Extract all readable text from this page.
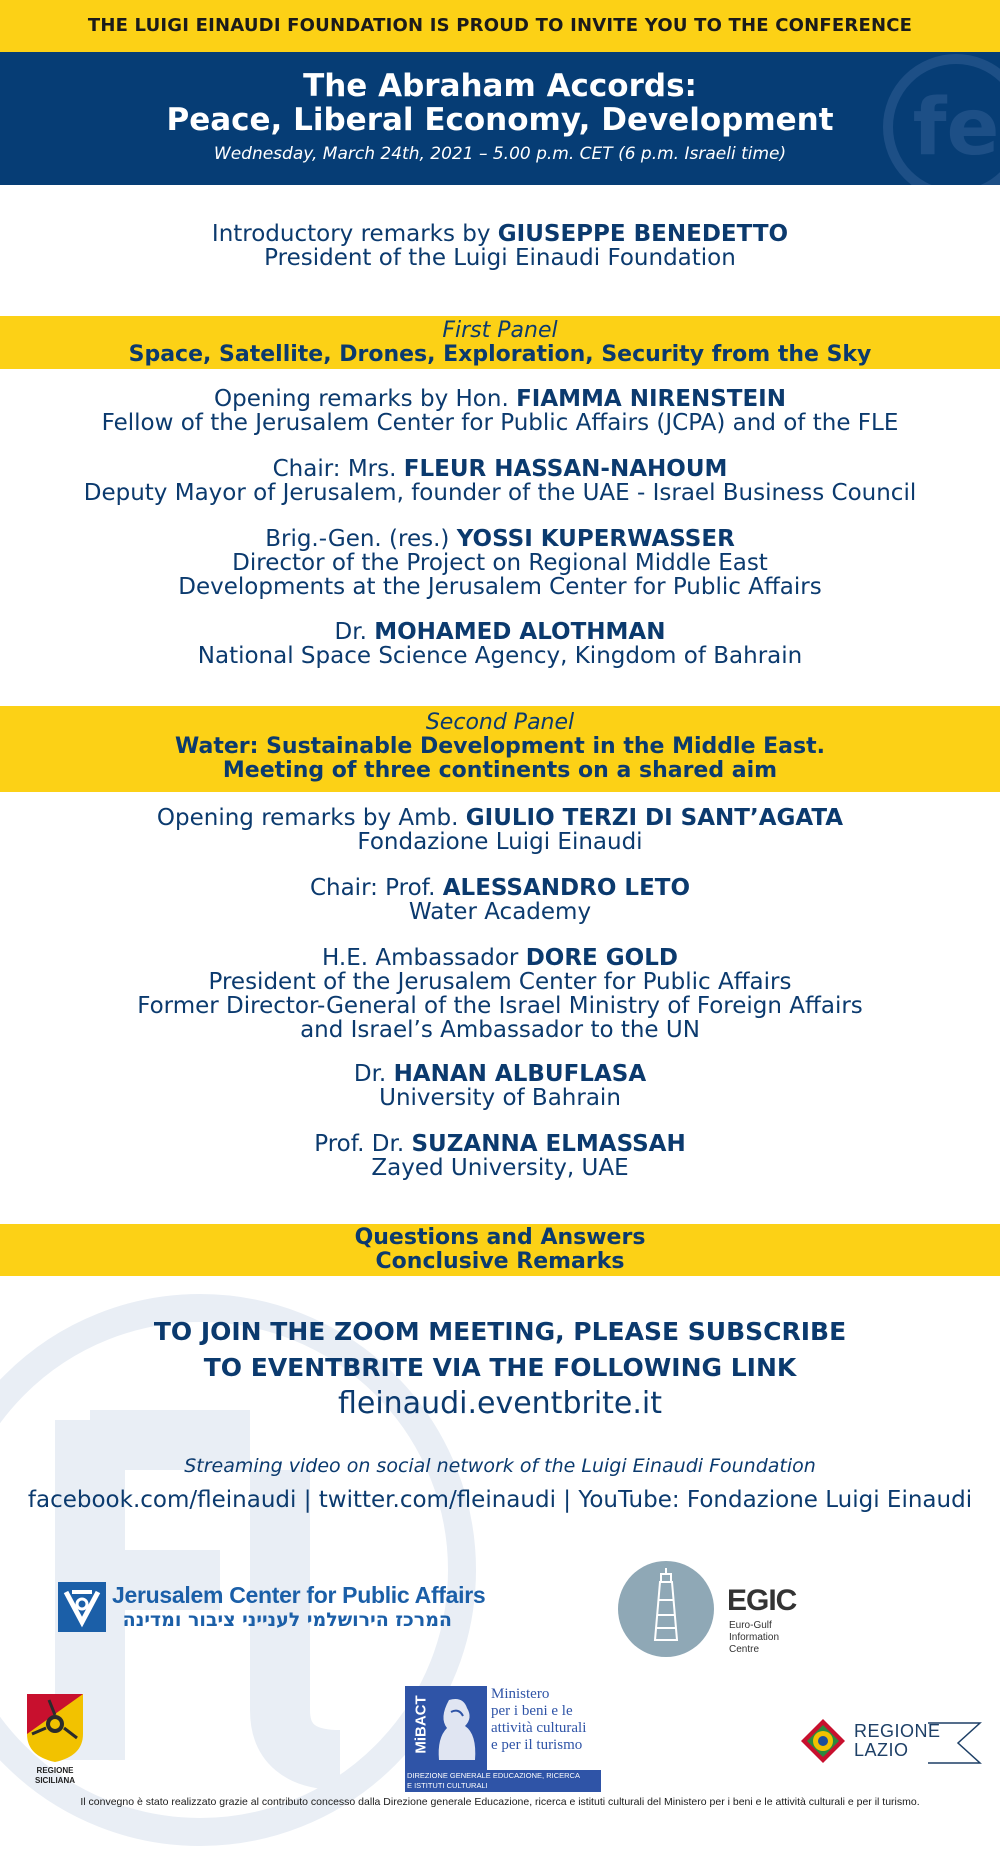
THE LUIGI EINAUDI FOUNDATION IS PROUD TO INVITE YOU TO THE CONFERENCE
fe
The Abraham Accords:
Peace, Liberal Economy, Development
Wednesday, March 24th, 2021 – 5.00 p.m. CET (6 p.m. Israeli time)
Introductory remarks by GIUSEPPE BENEDETTO
President of the Luigi Einaudi Foundation
First Panel
Space, Satellite, Drones, Exploration, Security from the Sky
Opening remarks by Hon. FIAMMA NIRENSTEIN
Fellow of the Jerusalem Center for Public Affairs (JCPA) and of the FLE
Chair: Mrs. FLEUR HASSAN-NAHOUM
Deputy Mayor of Jerusalem, founder of the UAE - Israel Business Council
Brig.-Gen. (res.) YOSSI KUPERWASSER
Director of the Project on Regional Middle East
Developments at the Jerusalem Center for Public Affairs
Dr. MOHAMED ALOTHMAN
National Space Science Agency, Kingdom of Bahrain
Second Panel
Water: Sustainable Development in the Middle East.
Meeting of three continents on a shared aim
Opening remarks by Amb. GIULIO TERZI DI SANT’AGATA
Fondazione Luigi Einaudi
Chair: Prof. ALESSANDRO LETO
Water Academy
H.E. Ambassador DORE GOLD
President of the Jerusalem Center for Public Affairs
Former Director-General of the Israel Ministry of Foreign Affairs
and Israel’s Ambassador to the UN
Dr. HANAN ALBUFLASA
University of Bahrain
Prof. Dr. SUZANNA ELMASSAH
Zayed University, UAE
Questions and Answers
Conclusive Remarks
TO JOIN THE ZOOM MEETING, PLEASE SUBSCRIBE
TO EVENTBRITE VIA THE FOLLOWING LINK
fleinaudi.eventbrite.it
Streaming video on social network of the Luigi Einaudi Foundation
facebook.com/fleinaudi | twitter.com/fleinaudi | YouTube: Fondazione Luigi Einaudi
Jerusalem Center for Public Affairs
המרכז הירושלמי לענייני ציבור ומדינה
EGIC
Euro-Gulf
Information
Centre
REGIONE
SICILIANA
MiBACT
Ministero
per i beni e le
attività culturali
e per il turismo
DIREZIONE GENERALE EDUCAZIONE, RICERCA
E ISTITUTI CULTURALI
REGIONE
LAZIO
Il convegno è stato realizzato grazie al contributo concesso dalla Direzione generale Educazione, ricerca e istituti culturali del Ministero per i beni e le attività culturali e per il turismo.
